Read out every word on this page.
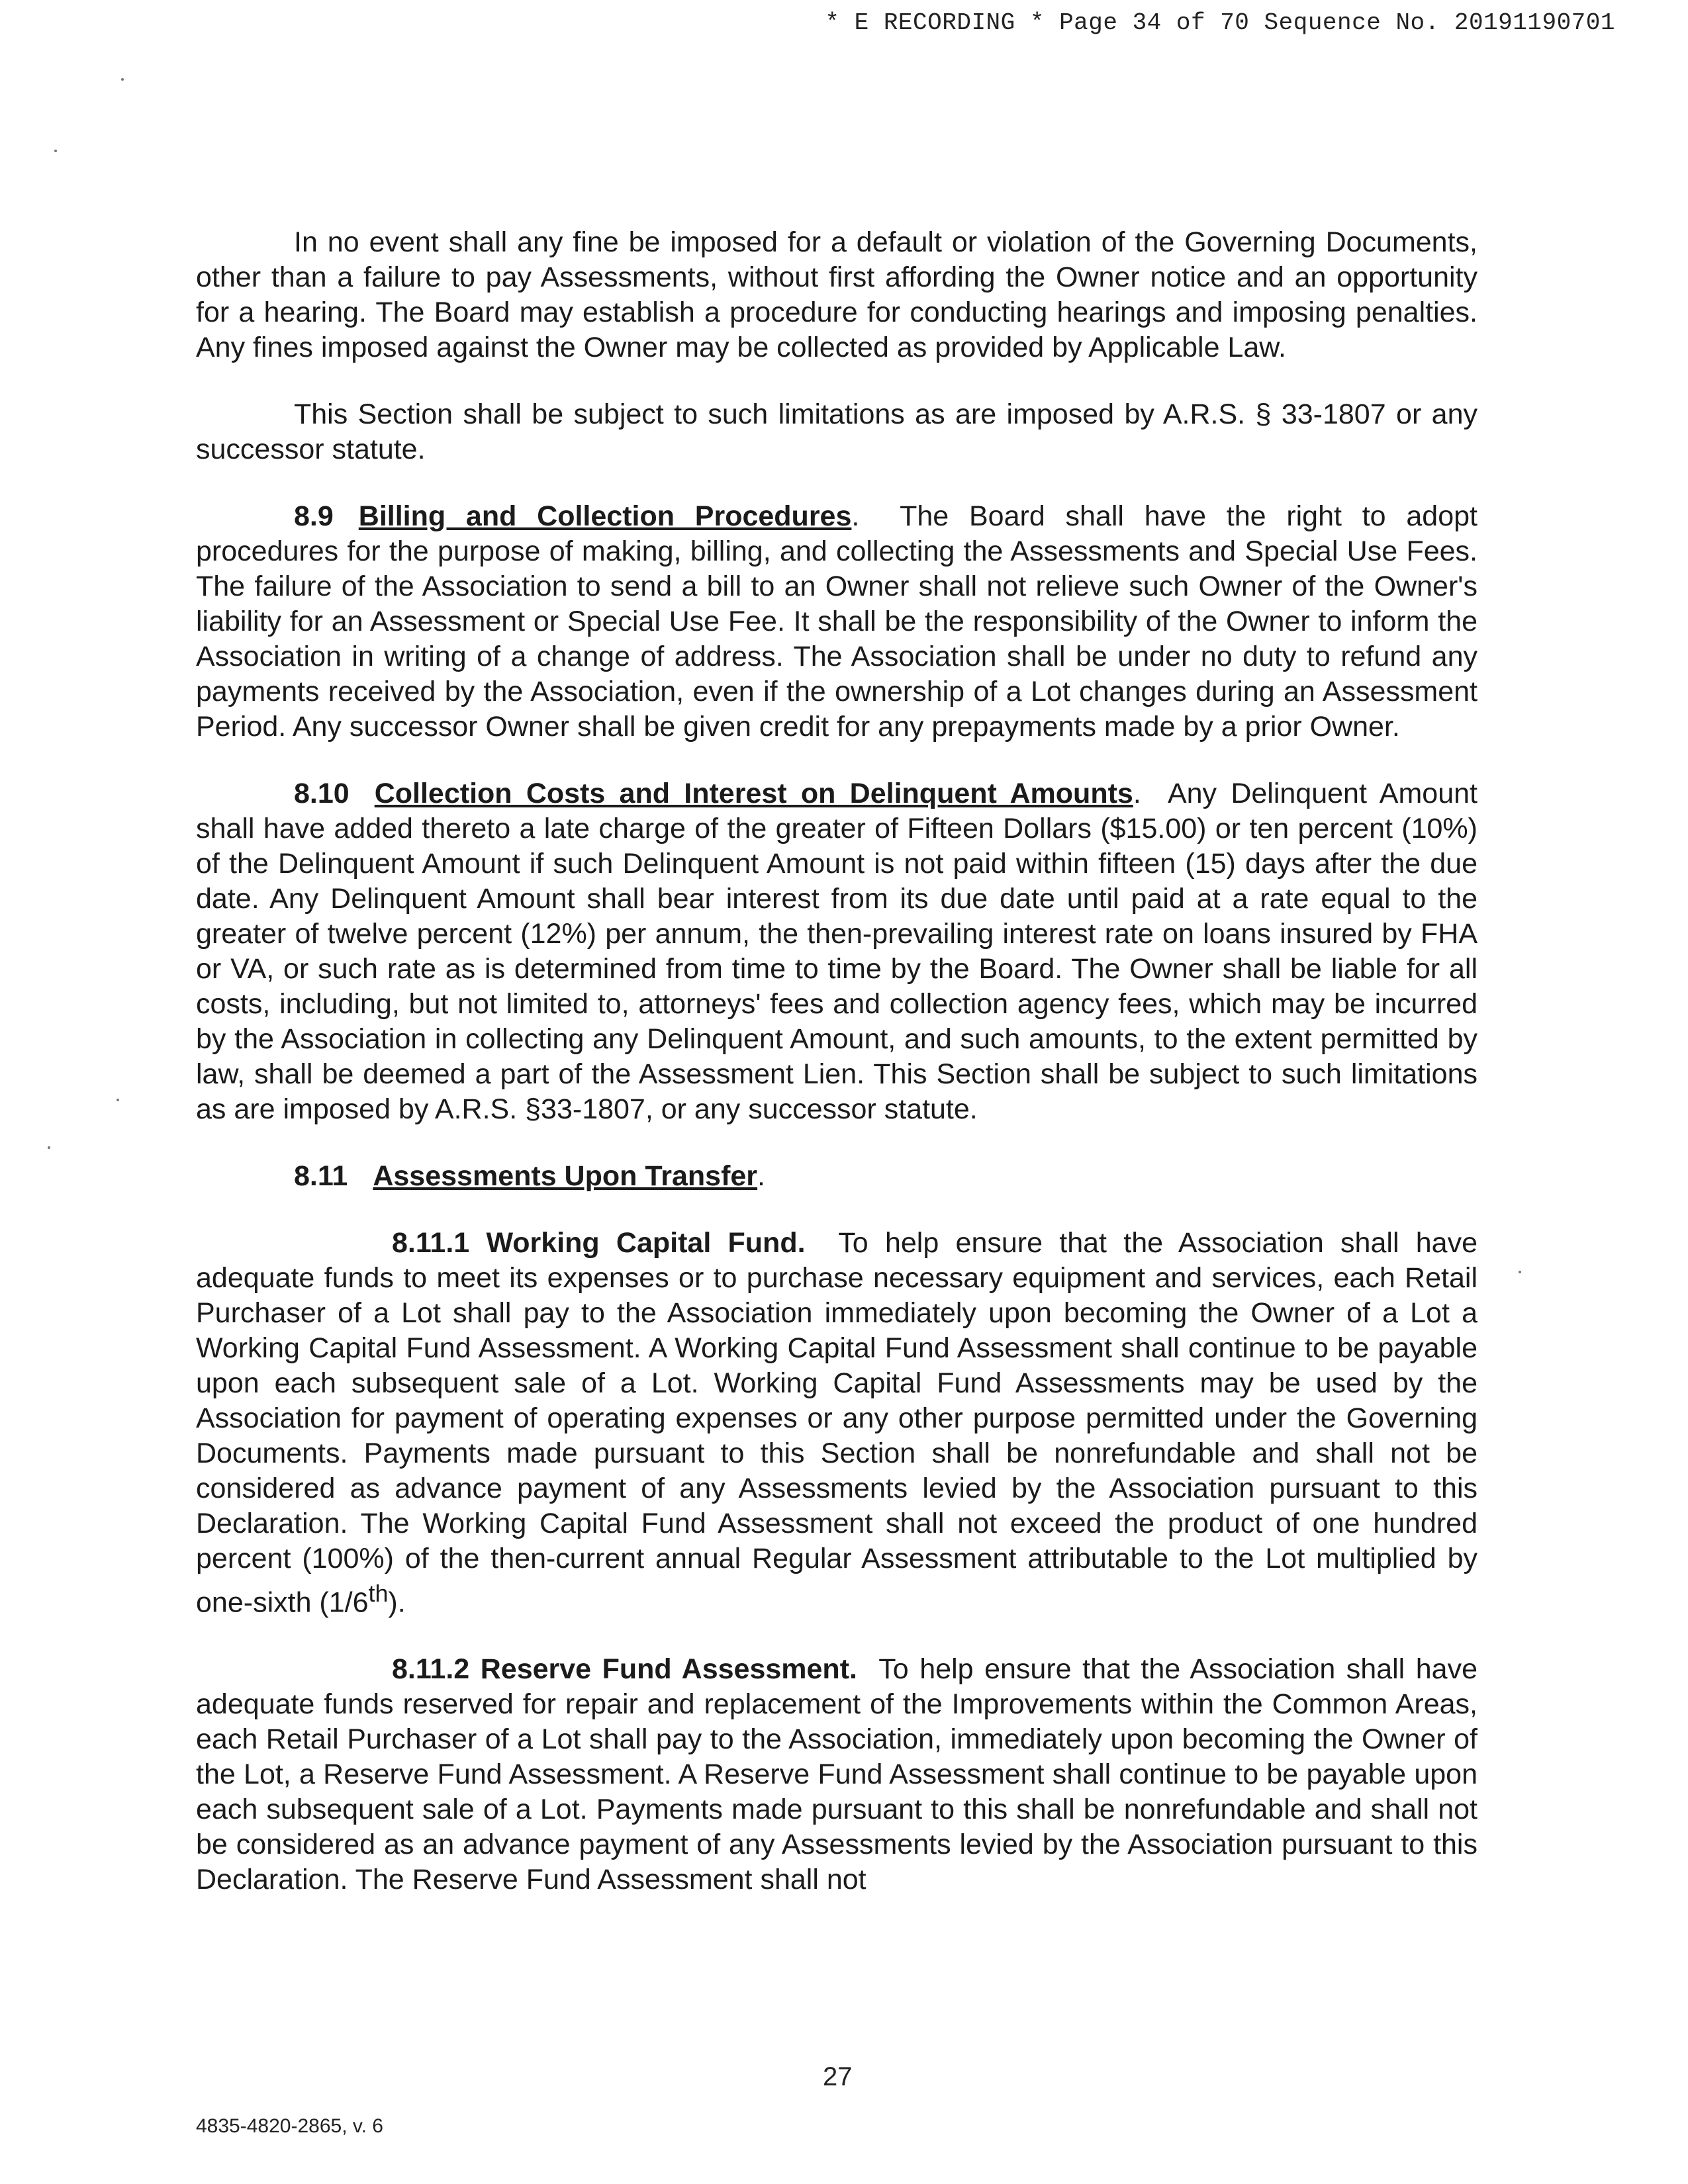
* E RECORDING * Page 34 of 70 Sequence No. 20191190701

In no event shall any fine be imposed for a default or violation of the Governing Documents, other than a failure to pay Assessments, without first affording the Owner notice and an opportunity for a hearing. The Board may establish a procedure for conducting hearings and imposing penalties. Any fines imposed against the Owner may be collected as provided by Applicable Law.

This Section shall be subject to such limitations as are imposed by A.R.S. § 33-1807 or any successor statute.

8.9 Billing and Collection Procedures.  The Board shall have the right to adopt procedures for the purpose of making, billing, and collecting the Assessments and Special Use Fees. The failure of the Association to send a bill to an Owner shall not relieve such Owner of the Owner's liability for an Assessment or Special Use Fee. It shall be the responsibility of the Owner to inform the Association in writing of a change of address. The Association shall be under no duty to refund any payments received by the Association, even if the ownership of a Lot changes during an Assessment Period. Any successor Owner shall be given credit for any prepayments made by a prior Owner.

8.10 Collection Costs and Interest on Delinquent Amounts.  Any Delinquent Amount shall have added thereto a late charge of the greater of Fifteen Dollars ($15.00) or ten percent (10%) of the Delinquent Amount if such Delinquent Amount is not paid within fifteen (15) days after the due date. Any Delinquent Amount shall bear interest from its due date until paid at a rate equal to the greater of twelve percent (12%) per annum, the then-prevailing interest rate on loans insured by FHA or VA, or such rate as is determined from time to time by the Board. The Owner shall be liable for all costs, including, but not limited to, attorneys' fees and collection agency fees, which may be incurred by the Association in collecting any Delinquent Amount, and such amounts, to the extent permitted by law, shall be deemed a part of the Assessment Lien. This Section shall be subject to such limitations as are imposed by A.R.S. §33-1807, or any successor statute.

8.11 Assessments Upon Transfer.

8.11.1 Working Capital Fund. To help ensure that the Association shall have adequate funds to meet its expenses or to purchase necessary equipment and services, each Retail Purchaser of a Lot shall pay to the Association immediately upon becoming the Owner of a Lot a Working Capital Fund Assessment. A Working Capital Fund Assessment shall continue to be payable upon each subsequent sale of a Lot. Working Capital Fund Assessments may be used by the Association for payment of operating expenses or any other purpose permitted under the Governing Documents. Payments made pursuant to this Section shall be nonrefundable and shall not be considered as advance payment of any Assessments levied by the Association pursuant to this Declaration. The Working Capital Fund Assessment shall not exceed the product of one hundred percent (100%) of the then-current annual Regular Assessment attributable to the Lot multiplied by one-sixth (1/6th).

8.11.2 Reserve Fund Assessment. To help ensure that the Association shall have adequate funds reserved for repair and replacement of the Improvements within the Common Areas, each Retail Purchaser of a Lot shall pay to the Association, immediately upon becoming the Owner of the Lot, a Reserve Fund Assessment. A Reserve Fund Assessment shall continue to be payable upon each subsequent sale of a Lot. Payments made pursuant to this shall be nonrefundable and shall not be considered as an advance payment of any Assessments levied by the Association pursuant to this Declaration. The Reserve Fund Assessment shall not

27
4835-4820-2865, v. 6
